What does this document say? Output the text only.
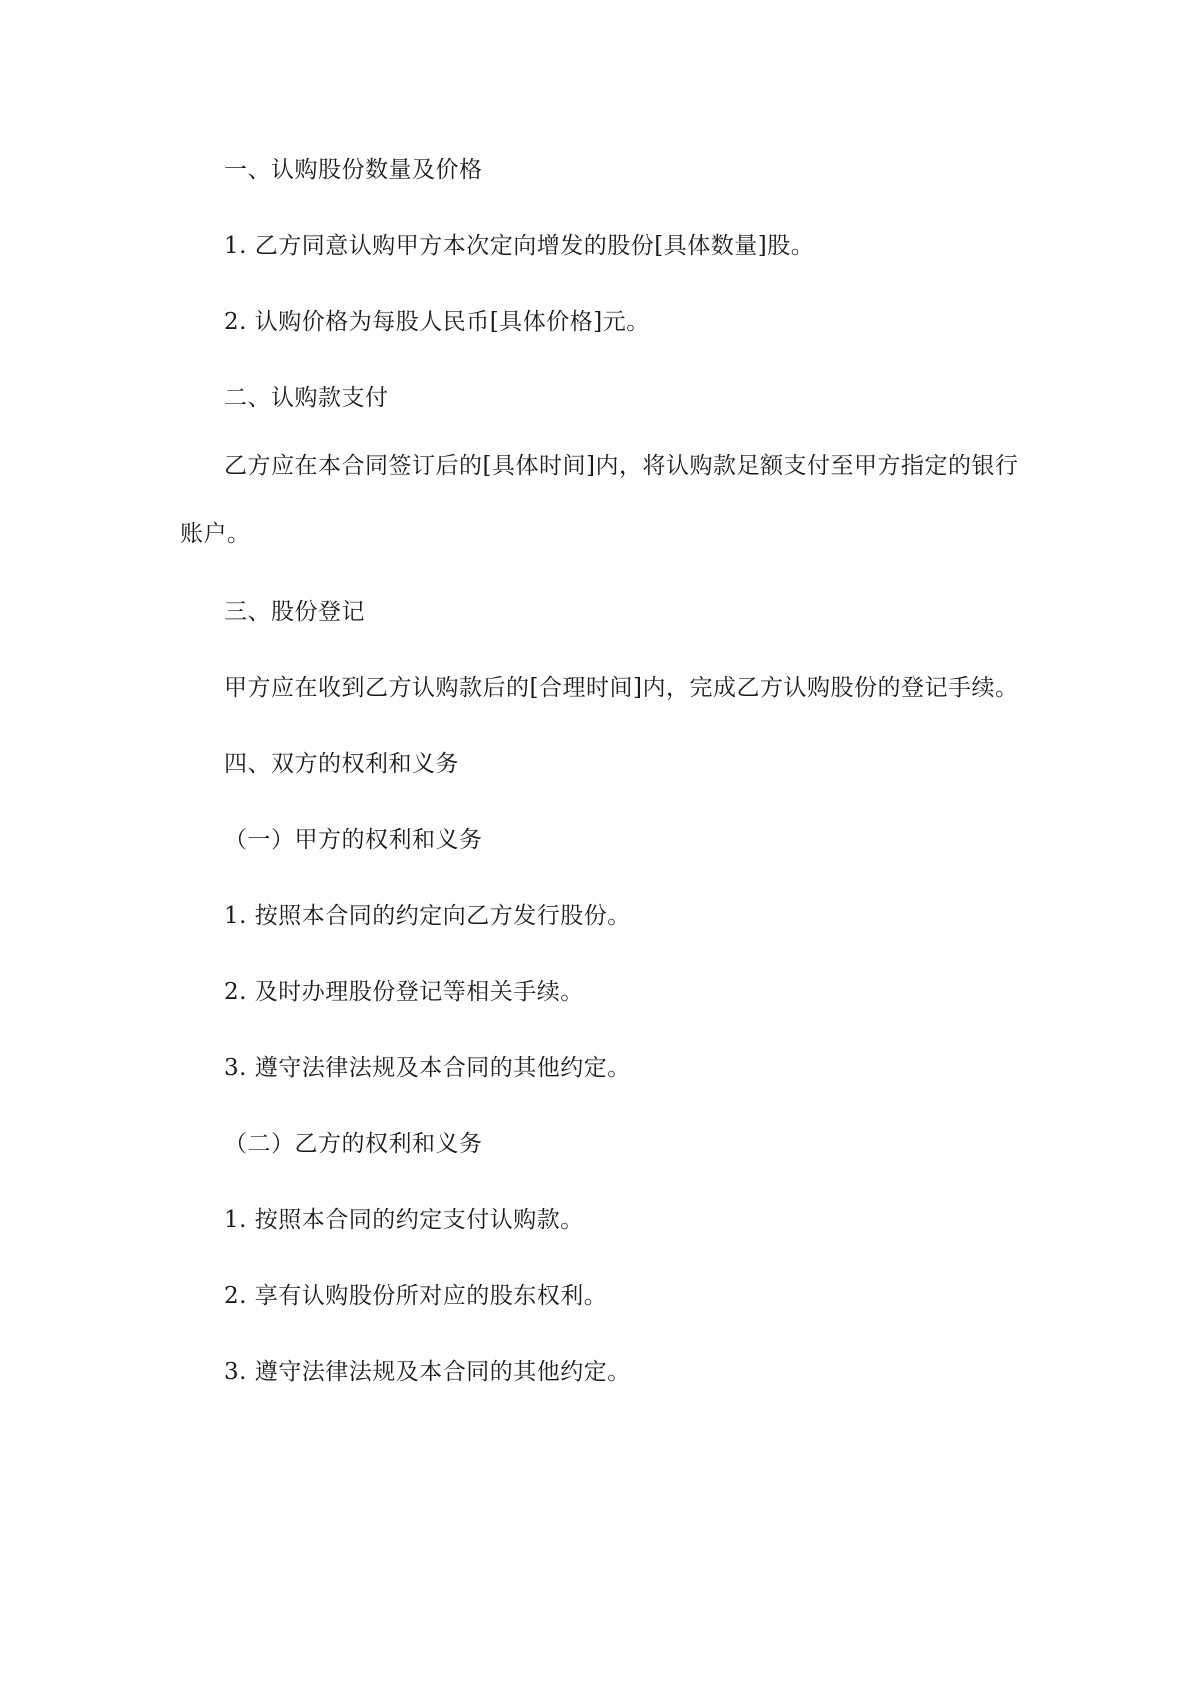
一、认购股份数量及价格

1. 乙方同意认购甲方本次定向增发的股份[具体数量]股。

2. 认购价格为每股人民币[具体价格]元。

二、认购款支付

乙方应在本合同签订后的[具体时间]内，将认购款足额支付至甲方指定的银行账户。

三、股份登记

甲方应在收到乙方认购款后的[合理时间]内，完成乙方认购股份的登记手续。

四、双方的权利和义务

（一）甲方的权利和义务

1. 按照本合同的约定向乙方发行股份。

2. 及时办理股份登记等相关手续。

3. 遵守法律法规及本合同的其他约定。

（二）乙方的权利和义务

1. 按照本合同的约定支付认购款。

2. 享有认购股份所对应的股东权利。

3. 遵守法律法规及本合同的其他约定。
